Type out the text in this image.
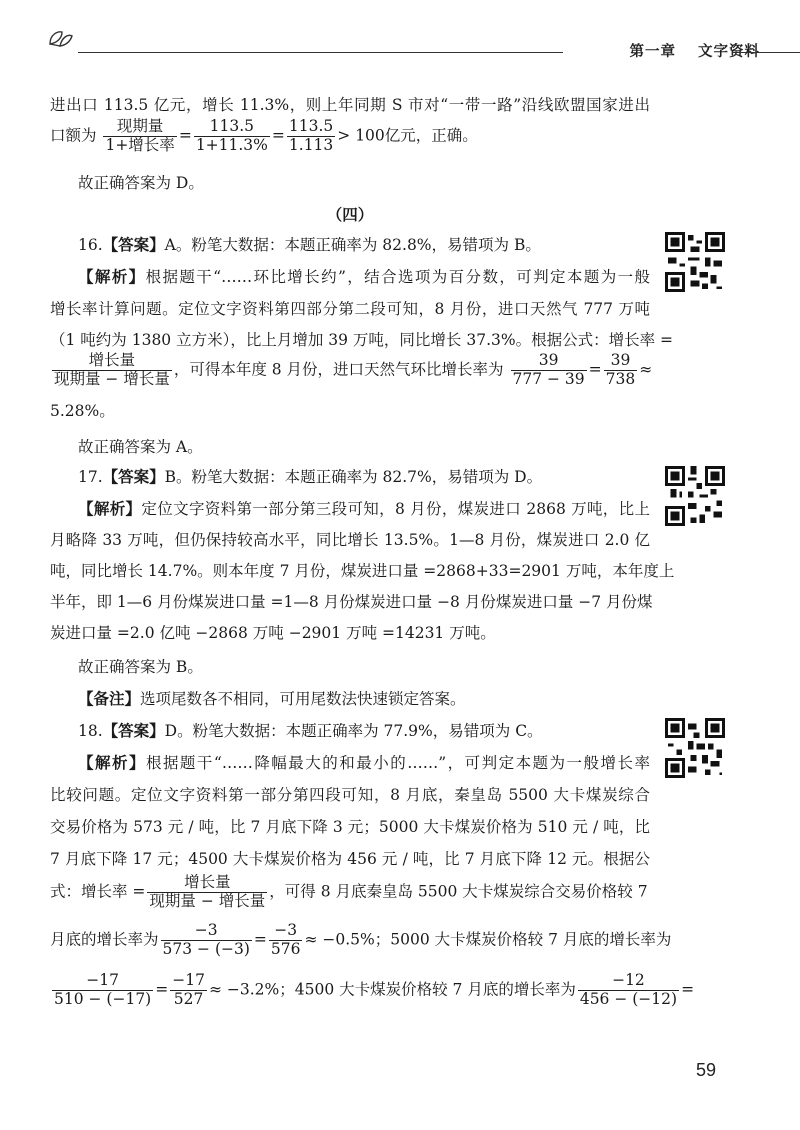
第一章 文字资料
进出口 113.5 亿元，增长 11.3%，则上年同期 S 市对“一带一路”沿线欧盟国家进出
口额为 $\frac{\text{现期量}}{\text{1+增长率}} = \frac{113.5}{1+11.3\%} = \frac{113.5}{1.113} > 100$亿元，正确。
故正确答案为 D。
（四）
16.【答案】A。粉笔大数据：本题正确率为 82.8%，易错项为 B。
【解析】根据题干“……环比增长约”，结合选项为百分数，可判定本题为一般
增长率计算问题。定位文字资料第四部分第二段可知，8 月份，进口天然气 777 万吨
（1 吨约为 1380 立方米），比上月增加 39 万吨，同比增长 37.3%。根据公式：增长率 =
$\frac{\text{增长量}}{\text{现期量 − 增长量}}$ ，可得本年度 8 月份，进口天然气环比增长率为 $\frac{39}{777 - 39} = \frac{39}{738}$ ≈
5.28%。
故正确答案为 A。
17.【答案】B。粉笔大数据：本题正确率为 82.7%，易错项为 D。
【解析】定位文字资料第一部分第三段可知，8 月份，煤炭进口 2868 万吨，比上
月略降 33 万吨，但仍保持较高水平，同比增长 13.5%。1—8 月份，煤炭进口 2.0 亿
吨，同比增长 14.7%。则本年度 7 月份，煤炭进口量 =2868+33=2901 万吨，本年度上
半年，即 1—6 月份煤炭进口量 =1—8 月份煤炭进口量 −8 月份煤炭进口量 −7 月份煤
炭进口量 =2.0 亿吨 −2868 万吨 −2901 万吨 =14231 万吨。
故正确答案为 B。
【备注】选项尾数各不相同，可用尾数法快速锁定答案。
18.【答案】D。粉笔大数据：本题正确率为 77.9%，易错项为 C。
【解析】根据题干“……降幅最大的和最小的……”，可判定本题为一般增长率
比较问题。定位文字资料第一部分第四段可知，8 月底，秦皇岛 5500 大卡煤炭综合
交易价格为 573 元 / 吨，比 7 月底下降 3 元；5000 大卡煤炭价格为 510 元 / 吨，比
7 月底下降 17 元；4500 大卡煤炭价格为 456 元 / 吨，比 7 月底下降 12 元。根据公
式：增长率 = $\frac{\text{增长量}}{\text{现期量 − 增长量}}$ ，可得 8 月底秦皇岛 5500 大卡煤炭综合交易价格较 7
月底的增长率为 $\frac{-3}{573 - (-3)} = \frac{-3}{576} \approx -0.5\%$；5000 大卡煤炭价格较 7 月底的增长率为
$\frac{-17}{510 - (-17)} = \frac{-17}{527} \approx -3.2\%$；4500 大卡煤炭价格较 7 月底的增长率为 $\frac{-12}{456 - (-12)}$ =
59
